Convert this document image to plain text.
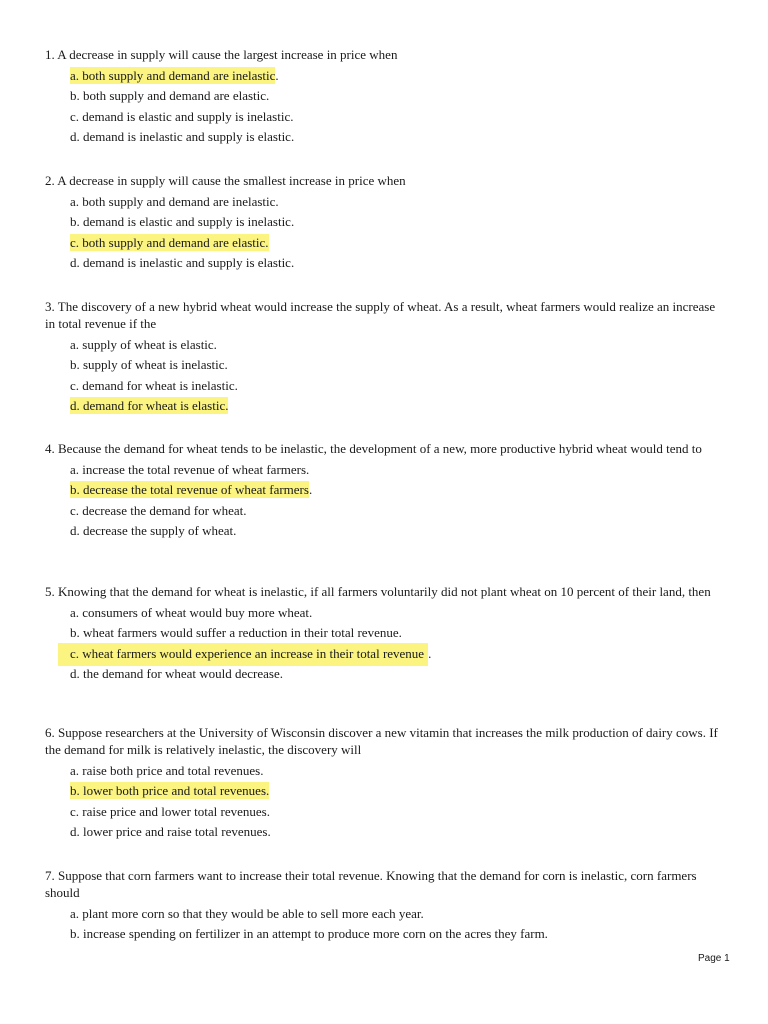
1. A decrease in supply will cause the largest increase in price when

a. both supply and demand are inelastic.
b. both supply and demand are elastic.
c. demand is elastic and supply is inelastic.
d. demand is inelastic and supply is elastic.

2. A decrease in supply will cause the smallest increase in price when

a. both supply and demand are inelastic.
b. demand is elastic and supply is inelastic.
c. both supply and demand are elastic.
d. demand is inelastic and supply is elastic.

3. The discovery of a new hybrid wheat would increase the supply of wheat. As a result, wheat farmers would realize an increase in total revenue if the

a. supply of wheat is elastic.
b. supply of wheat is inelastic.
c. demand for wheat is inelastic.
d. demand for wheat is elastic.

4. Because the demand for wheat tends to be inelastic, the development of a new, more productive hybrid wheat would tend to

a. increase the total revenue of wheat farmers.
b. decrease the total revenue of wheat farmers.
c. decrease the demand for wheat.
d. decrease the supply of wheat.

5. Knowing that the demand for wheat is inelastic, if all farmers voluntarily did not plant wheat on 10 percent of their land, then

a. consumers of wheat would buy more wheat.
b. wheat farmers would suffer a reduction in their total revenue.
c. wheat farmers would experience an increase in their total revenue .
d. the demand for wheat would decrease.

6. Suppose researchers at the University of Wisconsin discover a new vitamin that increases the milk production of dairy cows. If the demand for milk is relatively inelastic, the discovery will

a. raise both price and total revenues.
b. lower both price and total revenues.
c. raise price and lower total revenues.
d. lower price and raise total revenues.

7. Suppose that corn farmers want to increase their total revenue. Knowing that the demand for corn is inelastic, corn farmers should

a. plant more corn so that they would be able to sell more each year.
b. increase spending on fertilizer in an attempt to produce more corn on the acres they farm.
Page 1
